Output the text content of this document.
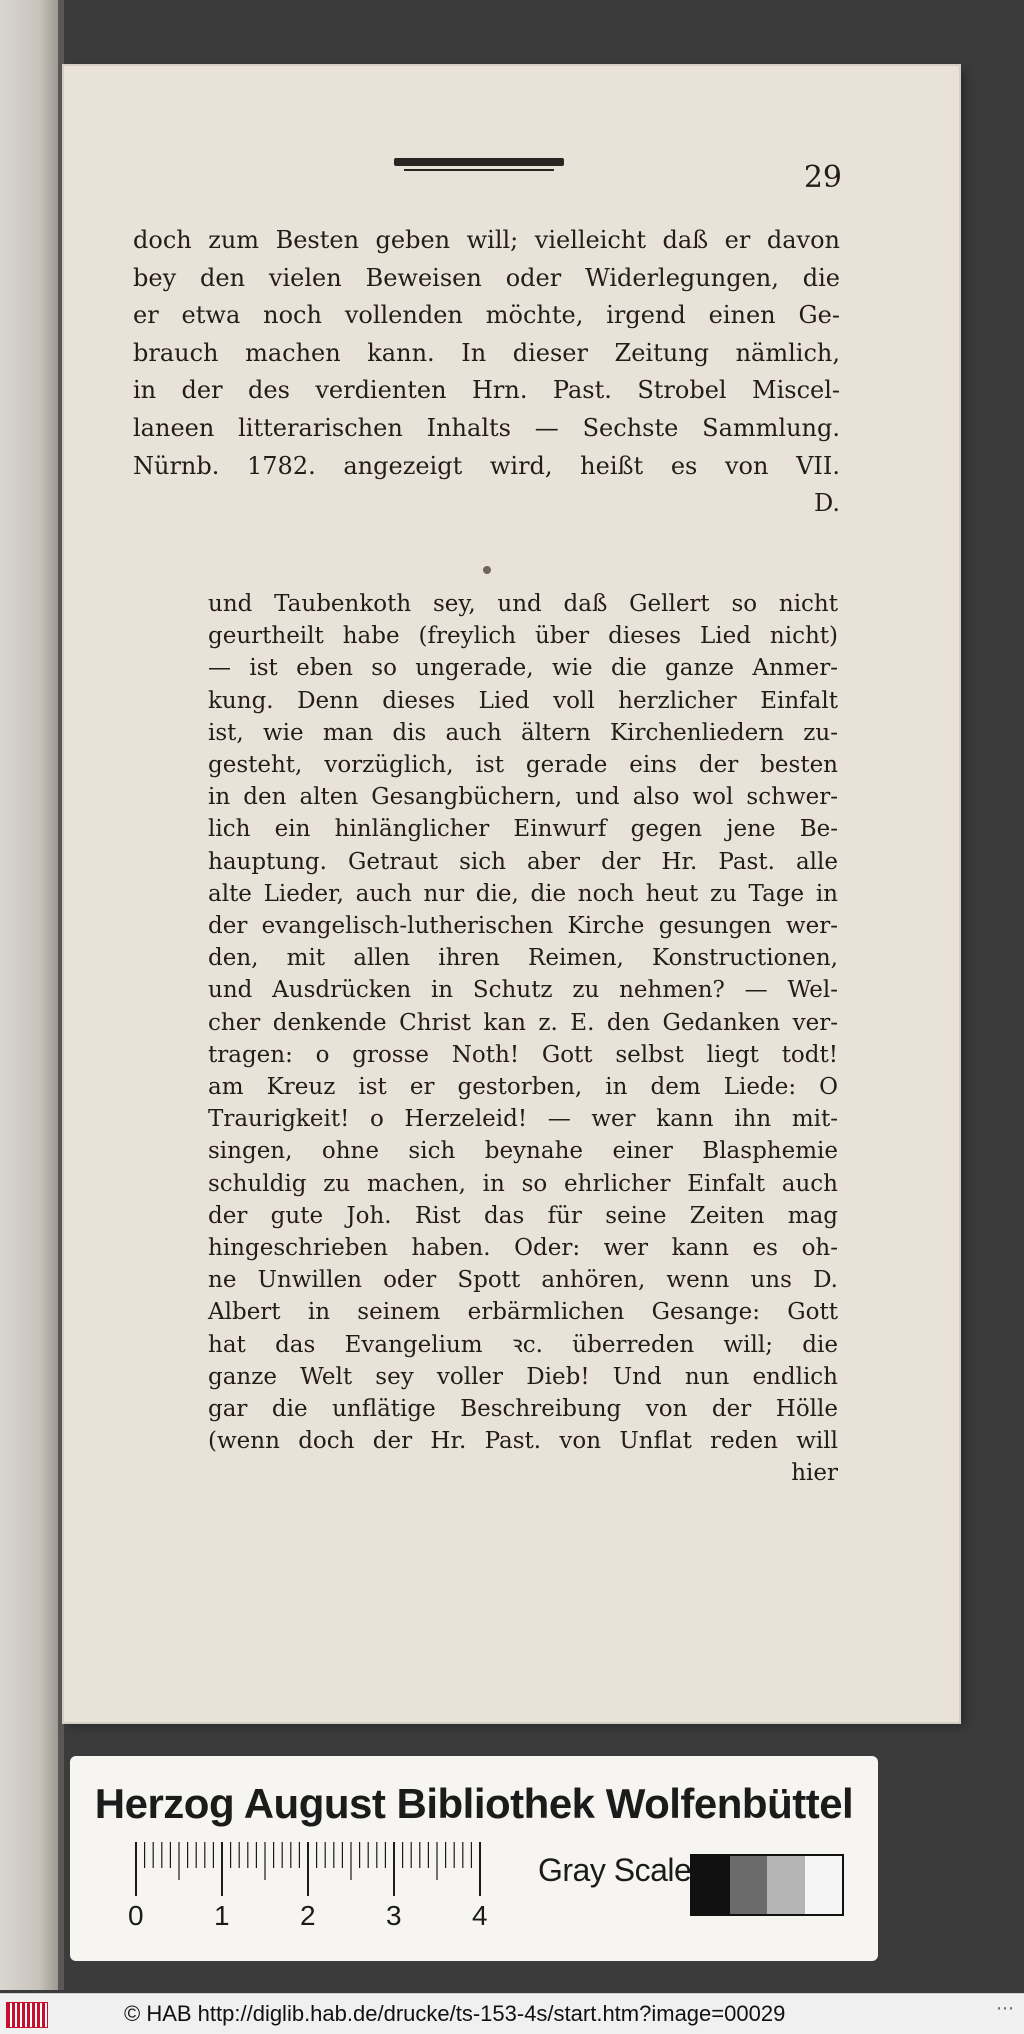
29
doch zum Besten geben will; vielleicht daß er davon
bey den vielen Beweisen oder Widerlegungen, die
er etwa noch vollenden möchte, irgend einen Ge-
brauch machen kann. In dieser Zeitung nämlich,
in der des verdienten Hrn. Past. Strobel Miscel-
laneen litterarischen Inhalts — Sechste Sammlung.
Nürnb. 1782. angezeigt wird, heißt es von VII.
D.
und Taubenkoth sey, und daß Gellert so nicht
geurtheilt habe (freylich über dieses Lied nicht)
— ist eben so ungerade, wie die ganze Anmer-
kung. Denn dieses Lied voll herzlicher Einfalt
ist, wie man dis auch ältern Kirchenliedern zu-
gesteht, vorzüglich, ist gerade eins der besten
in den alten Gesangbüchern, und also wol schwer-
lich ein hinlänglicher Einwurf gegen jene Be-
hauptung. Getraut sich aber der Hr. Past. alle
alte Lieder, auch nur die, die noch heut zu Tage in
der evangelisch-lutherischen Kirche gesungen wer-
den, mit allen ihren Reimen, Konstructionen,
und Ausdrücken in Schutz zu nehmen? — Wel-
cher denkende Christ kan z. E. den Gedanken ver-
tragen: o grosse Noth! Gott selbst liegt todt!
am Kreuz ist er gestorben, in dem Liede: O
Traurigkeit! o Herzeleid! — wer kann ihn mit-
singen, ohne sich beynahe einer Blasphemie
schuldig zu machen, in so ehrlicher Einfalt auch
der gute Joh. Rist das für seine Zeiten mag
hingeschrieben haben. Oder: wer kann es oh-
ne Unwillen oder Spott anhören, wenn uns D.
Albert in seinem erbärmlichen Gesange: Gott
hat das Evangelium ꝛc. überreden will; die
ganze Welt sey voller Dieb! Und nun endlich
gar die unflätige Beschreibung von der Hölle
(wenn doch der Hr. Past. von Unflat reden will
hier
Herzog August Bibliothek Wolfenbüttel
0	1	2	3	4
Gray Scale
© HAB http://diglib.hab.de/drucke/ts-153-4s/start.htm?image=00029	⋯
